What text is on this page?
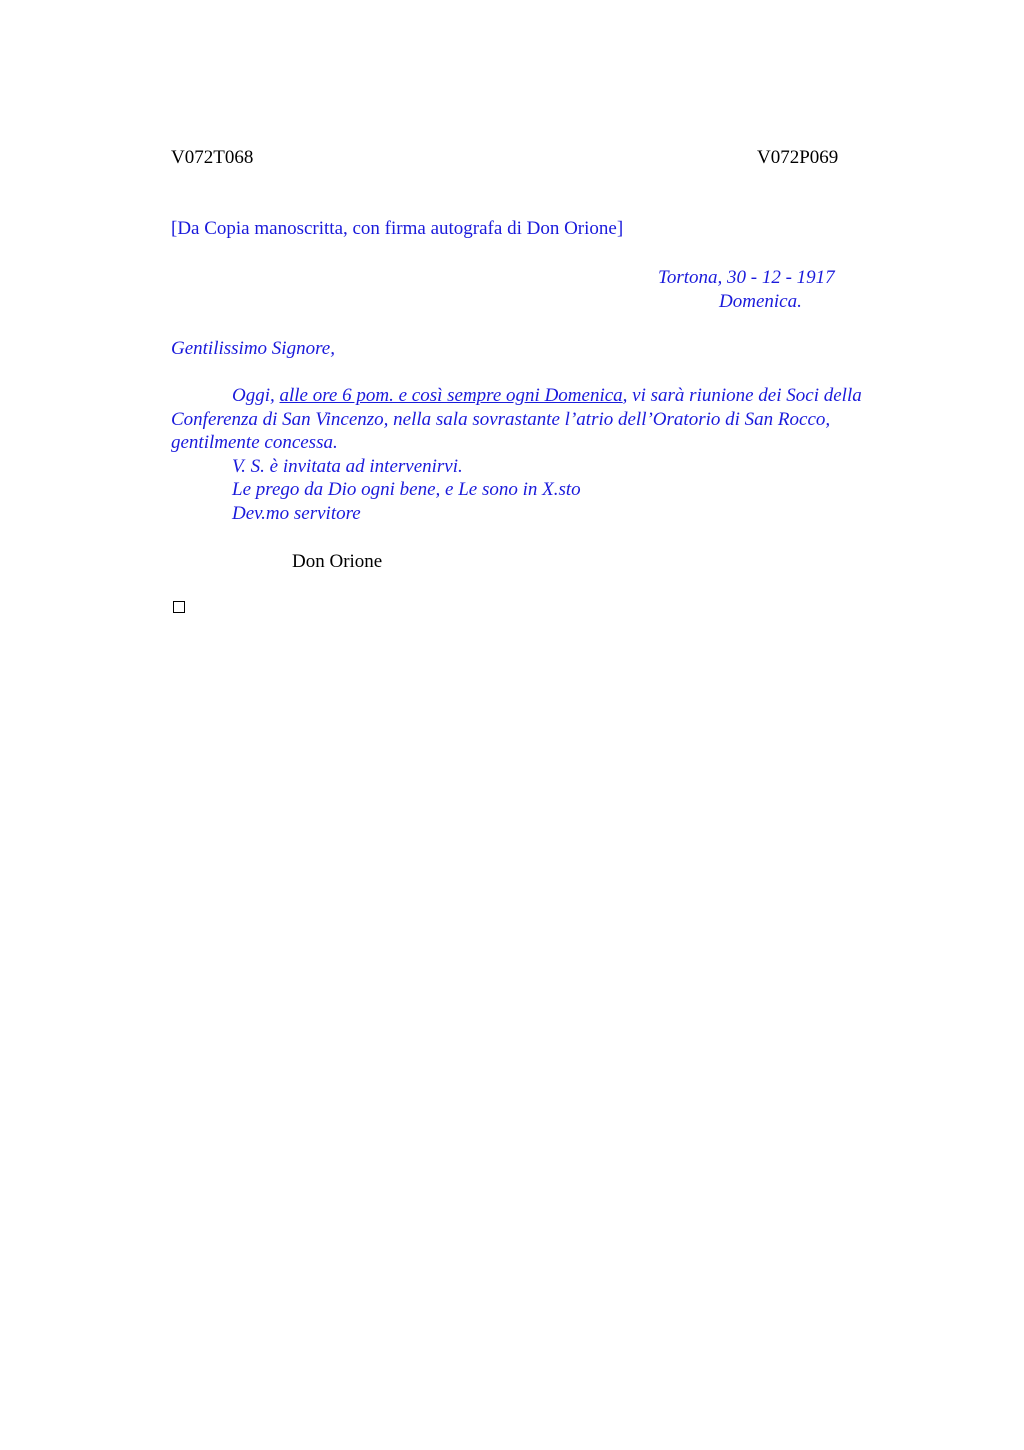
V072T068	V072P069
[Da Copia manoscritta, con firma autografa di Don Orione]
Tortona, 30 - 12 - 1917
Domenica.
Gentilissimo Signore,
Oggi, alle ore 6 pom. e così sempre ogni Domenica, vi sarà riunione dei Soci della
Conferenza di San Vincenzo, nella sala sovrastante l’atrio dell’Oratorio di San Rocco,
gentilmente concessa.
V. S. è invitata ad intervenirvi.
Le prego da Dio ogni bene, e Le sono in X.sto
Dev.mo servitore
Don Orione
